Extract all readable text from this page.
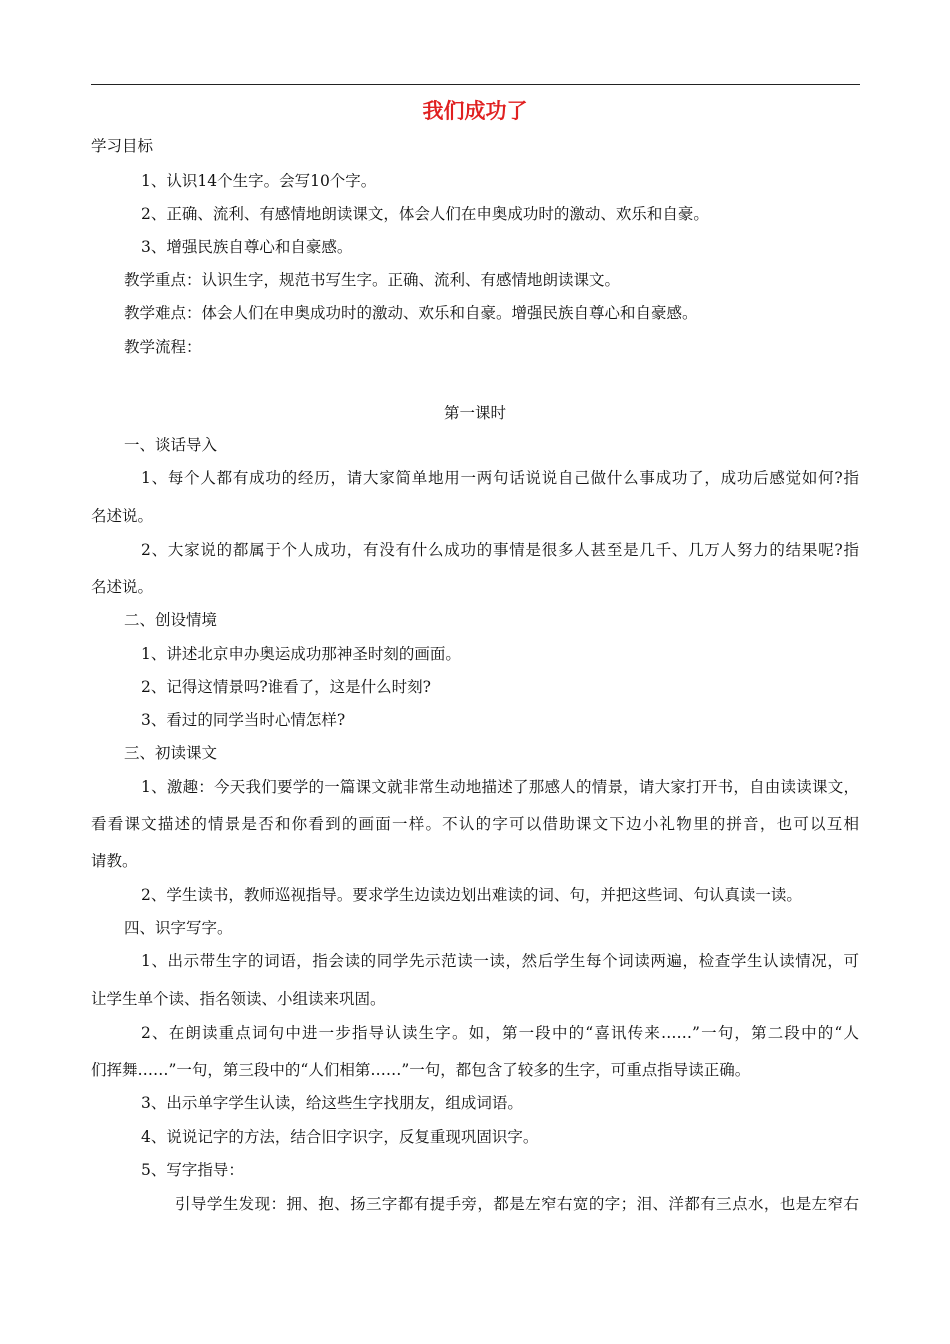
我们成功了
学习目标
1、认识14个生字。会写10个字。
2、正确、流利、有感情地朗读课文，体会人们在申奥成功时的激动、欢乐和自豪。
3、增强民族自尊心和自豪感。
教学重点：认识生字，规范书写生字。正确、流利、有感情地朗读课文。
教学难点：体会人们在申奥成功时的激动、欢乐和自豪。增强民族自尊心和自豪感。
教学流程：
第一课时
一、谈话导入
1、每个人都有成功的经历，请大家简单地用一两句话说说自己做什么事成功了，成功后感觉如何?指
名述说。
2、大家说的都属于个人成功，有没有什么成功的事情是很多人甚至是几千、几万人努力的结果呢?指
名述说。
二、创设情境
1、讲述北京申办奥运成功那神圣时刻的画面。
2、记得这情景吗?谁看了，这是什么时刻?
3、看过的同学当时心情怎样?
三、初读课文
1、激趣：今天我们要学的一篇课文就非常生动地描述了那感人的情景，请大家打开书，自由读读课文，
看看课文描述的情景是否和你看到的画面一样。不认的字可以借助课文下边小礼物里的拼音，也可以互相
请教。
2、学生读书，教师巡视指导。要求学生边读边划出难读的词、句，并把这些词、句认真读一读。
四、识字写字。
1、出示带生字的词语，指会读的同学先示范读一读，然后学生每个词读两遍，检查学生认读情况，可
让学生单个读、指名领读、小组读来巩固。
2、在朗读重点词句中进一步指导认读生字。如，第一段中的“喜讯传来……”一句，第二段中的“人
们挥舞……”一句，第三段中的“人们相第……”一句，都包含了较多的生字，可重点指导读正确。
3、出示单字学生认读，给这些生字找朋友，组成词语。
4、说说记字的方法，结合旧字识字，反复重现巩固识字。
5、写字指导：
引导学生发现：拥、抱、扬三字都有提手旁，都是左窄右宽的字；泪、洋都有三点水，也是左窄右
